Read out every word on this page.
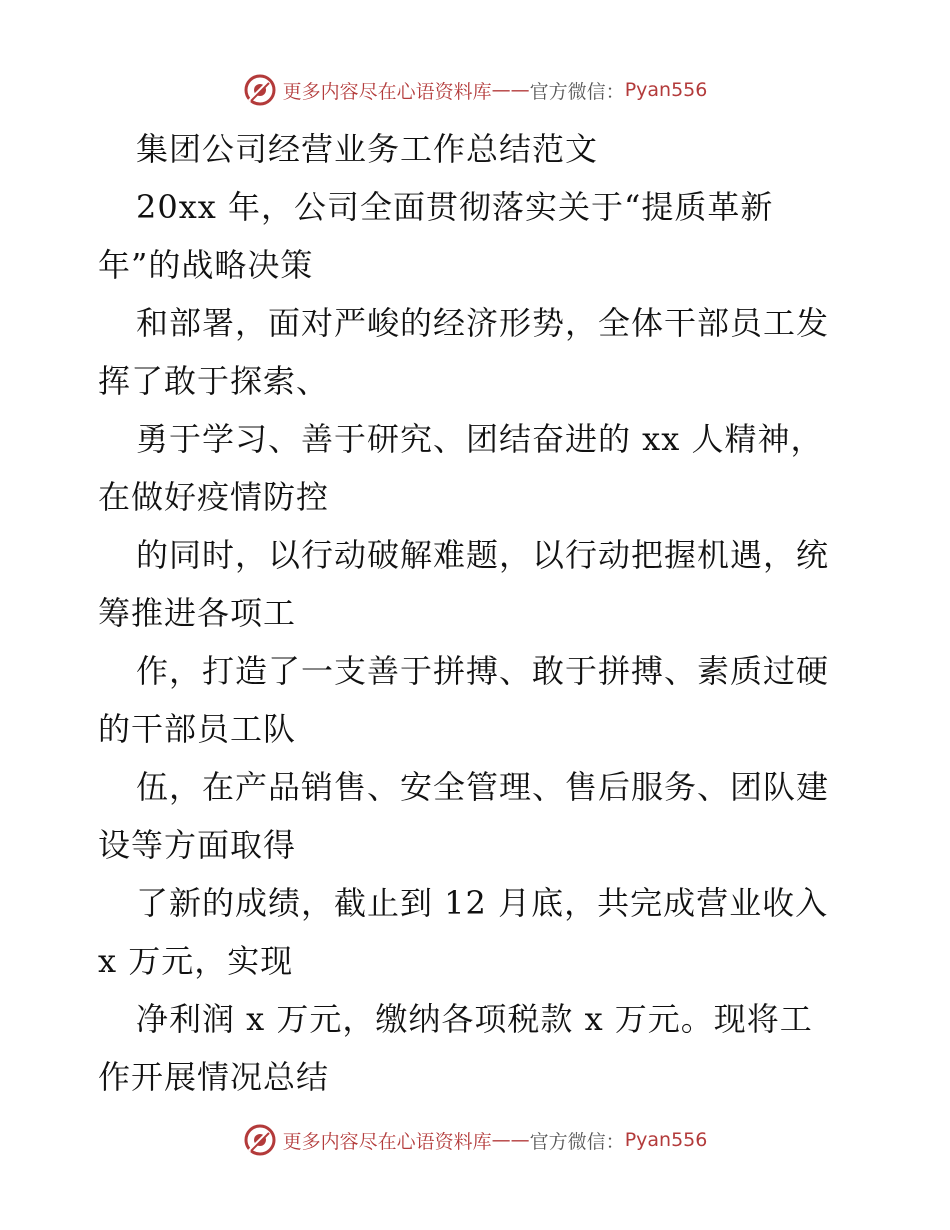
更多内容尽在心语资料库 —— 官方微信： Pyan556
集团公司经营业务工作总结范文
20xx 年，公司全面贯彻落实关于“提质革新
年”的战略决策
和部署，面对严峻的经济形势，全体干部员工发
挥了敢于探索、
勇于学习、善于研究、团结奋进的 xx 人精神，
在做好疫情防控
的同时，以行动破解难题，以行动把握机遇，统
筹推进各项工
作，打造了一支善于拼搏、敢于拼搏、素质过硬
的干部员工队
伍，在产品销售、安全管理、售后服务、团队建
设等方面取得
了新的成绩，截止到 12 月底，共完成营业收入
x 万元，实现
净利润 x 万元，缴纳各项税款 x 万元。现将工
作开展情况总结
更多内容尽在心语资料库 —— 官方微信： Pyan556
